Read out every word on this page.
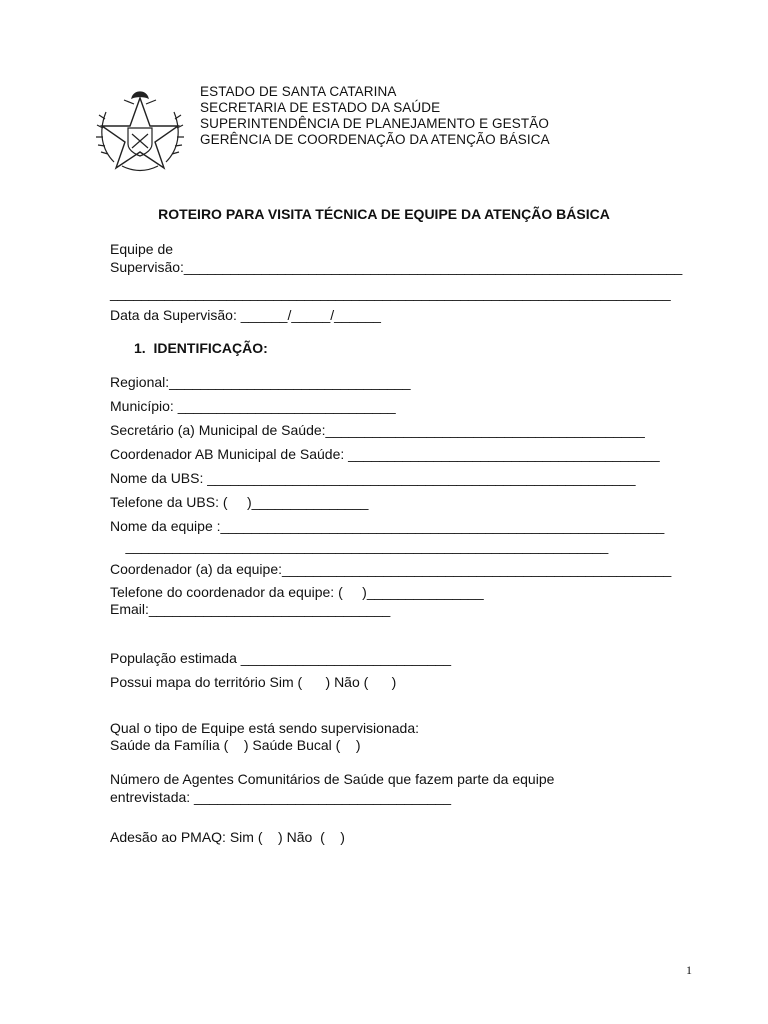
ESTADO DE SANTA CATARINA
SECRETARIA DE ESTADO DA SAÚDE
SUPERINTENDÊNCIA DE PLANEJAMENTO E GESTÃO
GERÊNCIA DE COORDENAÇÃO DA ATENÇÃO BÁSICA
ROTEIRO PARA VISITA TÉCNICA DE EQUIPE DA ATENÇÃO BÁSICA
Equipe de
Supervisão:________________________________________________________________
________________________________________________________________________
Data da Supervisão: ______/_____/______
1.  IDENTIFICAÇÃO:
Regional:_______________________________
Município: ____________________________
Secretário (a) Municipal de Saúde:_________________________________________
Coordenador AB Municipal de Saúde: ________________________________________
Nome da UBS: _______________________________________________________
Telefone da UBS: (     )_______________
Nome da equipe :_________________________________________________________
______________________________________________________________
Coordenador (a) da equipe:__________________________________________________
Telefone do coordenador da equipe: (     )_______________
Email:_______________________________
População estimada ___________________________
Possui mapa do território Sim (      ) Não (      )
Qual o tipo de Equipe está sendo supervisionada:
Saúde da Família (    ) Saúde Bucal (    )
Número de Agentes Comunitários de Saúde que fazem parte da equipe
entrevistada: _________________________________
Adesão ao PMAQ: Sim (    ) Não  (    )
1
